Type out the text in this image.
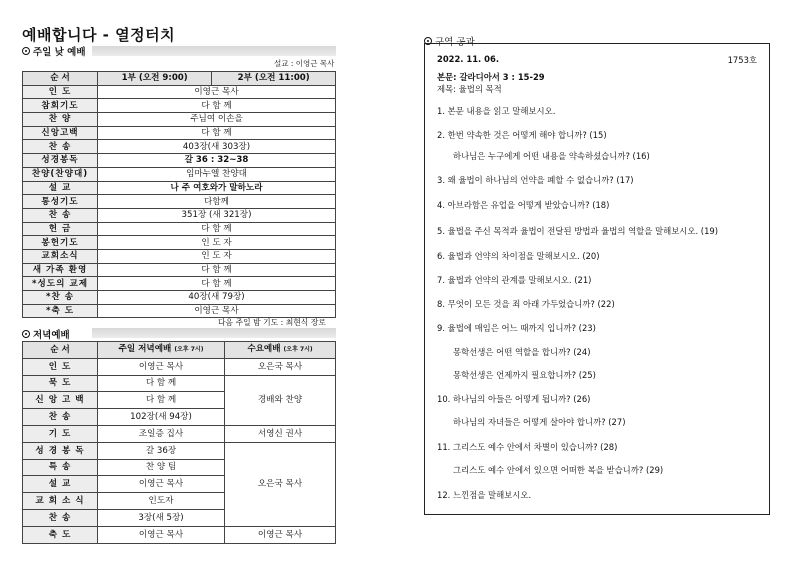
예배합니다 - 열정터치
주일 낮 예배
설교 : 이영근 목사
순 서	1부 (오전 9:00)	2부 (오전 11:00)
인 도	이영근 목사	
참회기도	다 함 께	
찬 양	주님여 이손을	
신앙고백	다 함 께	
찬 송	403장(새 303장)	
성경봉독	갈 36 : 32~38	
찬양(찬양대)	임마누엘 찬양대	
설 교	나 주 여호와가 말하노라	
통성기도	다함께	
찬 송	351장 (새 321장)	
헌 금	다 함 께	
봉헌기도	인 도 자	
교회소식	인 도 자	
새 가족 환영	다 함 께	
*성도의 교제	다 함 께	
*찬 송	40장(새 79장)	
*축 도	이영근 목사	
다음 주일 밤 기도 : 최현식 장로
저녁예배
순 서	주일 저녁예배 (오후 7시)	수요예배 (오후 7시)
인 도	이영근 목사	오은국 목사
묵 도	다 함 께	경배와 찬양
신 앙 고 백	다 함 께	
찬 송	102장(새 94장)	
기 도	조일증 집사	서영신 권사
성 경 봉 독	갈 36장	오은국 목사
특 송	찬 양 팀	
설 교	이영근 목사	
교 회 소 식	인도자	
찬 송	3장(새 5장)	
축 도	이영근 목사	이영근 목사
구역 공과
2022. 11. 06.	1753호
본문: 갈라디아서 3 : 15-29
제목: 율법의 목적
1. 본문 내용을 읽고 말해보시오.
2. 한번 약속한 것은 어떻게 해야 합니까? (15)
하나님은 누구에게 어떤 내용을 약속하셨습니까? (16)
3. 왜 율법이 하나님의 언약을 폐할 수 없습니까? (17)
4. 아브라함은 유업을 어떻게 받았습니까? (18)
5. 율법을 주신 목적과 율법이 전달된 방법과 율법의 역할을 말해보시오. (19)
6. 율법과 언약의 차이점을 말해보시오. (20)
7. 율법과 언약의 관계를 말해보시오. (21)
8. 무엇이 모든 것을 죄 아래 가두었습니까? (22)
9. 율법에 매임은 어느 때까지 입니까? (23)
몽학선생은 어떤 역할을 합니까? (24)
몽학선생은 언제까지 필요합니까? (25)
10. 하나님의 아들은 어떻게 됩니까? (26)
하나님의 자녀들은 어떻게 살아야 합니까? (27)
11. 그리스도 예수 안에서 차별이 있습니까? (28)
그리스도 예수 안에서 있으면 어떠한 복을 받습니까? (29)
12. 느낀점을 말해보시오.
